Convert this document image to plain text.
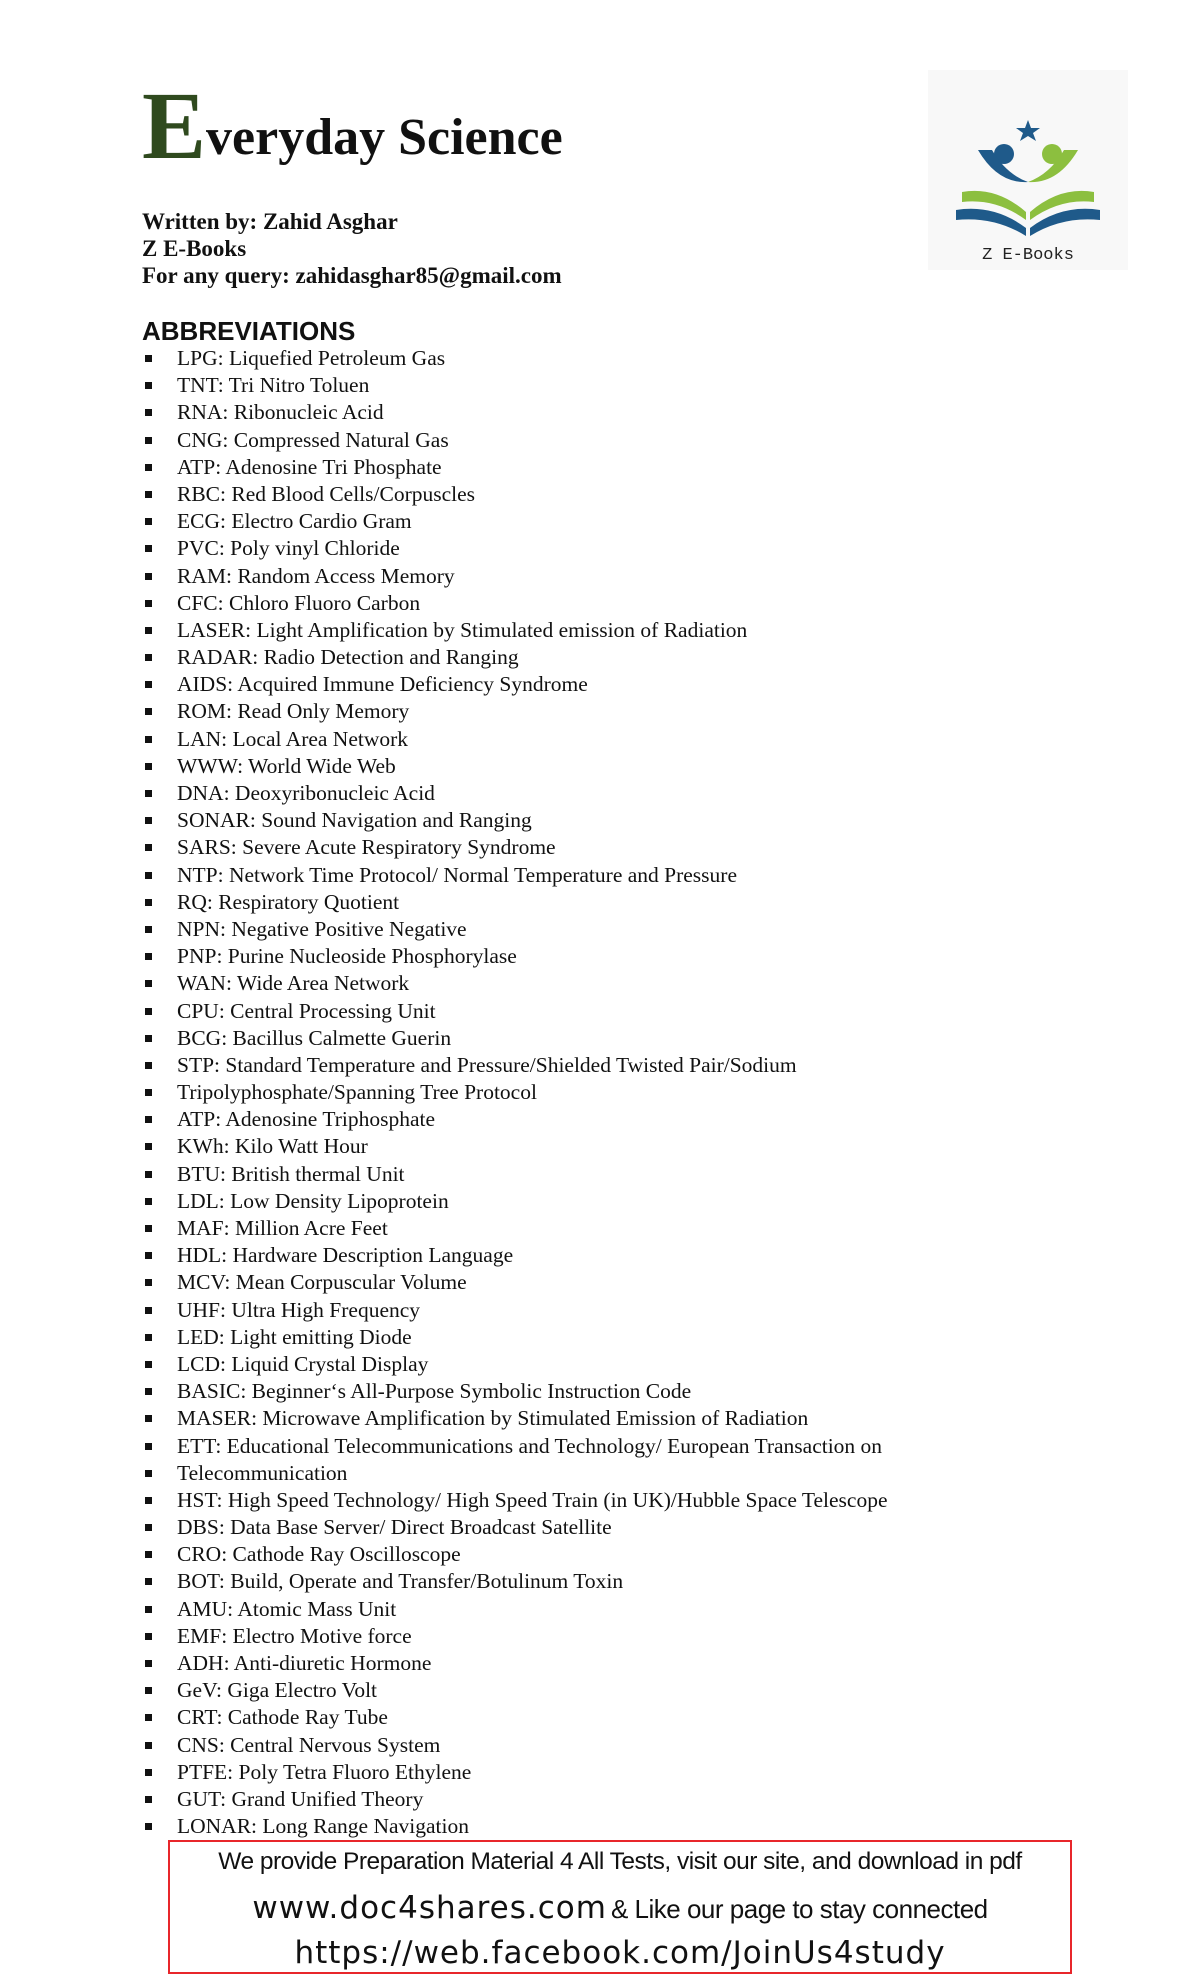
Everyday Science
Written by: Zahid Asghar
Z E-Books
For any query: zahidasghar85@gmail.com
Z E-Books
ABBREVIATIONS
LPG: Liquefied Petroleum Gas
TNT: Tri Nitro Toluen
RNA: Ribonucleic Acid
CNG: Compressed Natural Gas
ATP: Adenosine Tri Phosphate
RBC: Red Blood Cells/Corpuscles
ECG: Electro Cardio Gram
PVC: Poly vinyl Chloride
RAM: Random Access Memory
CFC: Chloro Fluoro Carbon
LASER: Light Amplification by Stimulated emission of Radiation
RADAR: Radio Detection and Ranging
AIDS: Acquired Immune Deficiency Syndrome
ROM: Read Only Memory
LAN: Local Area Network
WWW: World Wide Web
DNA: Deoxyribonucleic Acid
SONAR: Sound Navigation and Ranging
SARS: Severe Acute Respiratory Syndrome
NTP: Network Time Protocol/ Normal Temperature and Pressure
RQ: Respiratory Quotient
NPN: Negative Positive Negative
PNP: Purine Nucleoside Phosphorylase
WAN: Wide Area Network
CPU: Central Processing Unit
BCG: Bacillus Calmette Guerin
STP: Standard Temperature and Pressure/Shielded Twisted Pair/Sodium
Tripolyphosphate/Spanning Tree Protocol
ATP: Adenosine Triphosphate
KWh: Kilo Watt Hour
BTU: British thermal Unit
LDL: Low Density Lipoprotein
MAF: Million Acre Feet
HDL: Hardware Description Language
MCV: Mean Corpuscular Volume
UHF: Ultra High Frequency
LED: Light emitting Diode
LCD: Liquid Crystal Display
BASIC: Beginner‘s All-Purpose Symbolic Instruction Code
MASER: Microwave Amplification by Stimulated Emission of Radiation
ETT: Educational Telecommunications and Technology/ European Transaction on
Telecommunication
HST: High Speed Technology/ High Speed Train (in UK)/Hubble Space Telescope
DBS: Data Base Server/ Direct Broadcast Satellite
CRO: Cathode Ray Oscilloscope
BOT: Build, Operate and Transfer/Botulinum Toxin
AMU: Atomic Mass Unit
EMF: Electro Motive force
ADH: Anti-diuretic Hormone
GeV: Giga Electro Volt
CRT: Cathode Ray Tube
CNS: Central Nervous System
PTFE: Poly Tetra Fluoro Ethylene
GUT: Grand Unified Theory
LONAR: Long Range Navigation
We provide Preparation Material 4 All Tests, visit our site, and download in pdf
www.doc4shares.com & Like our page to stay connected
https://web.facebook.com/JoinUs4study
